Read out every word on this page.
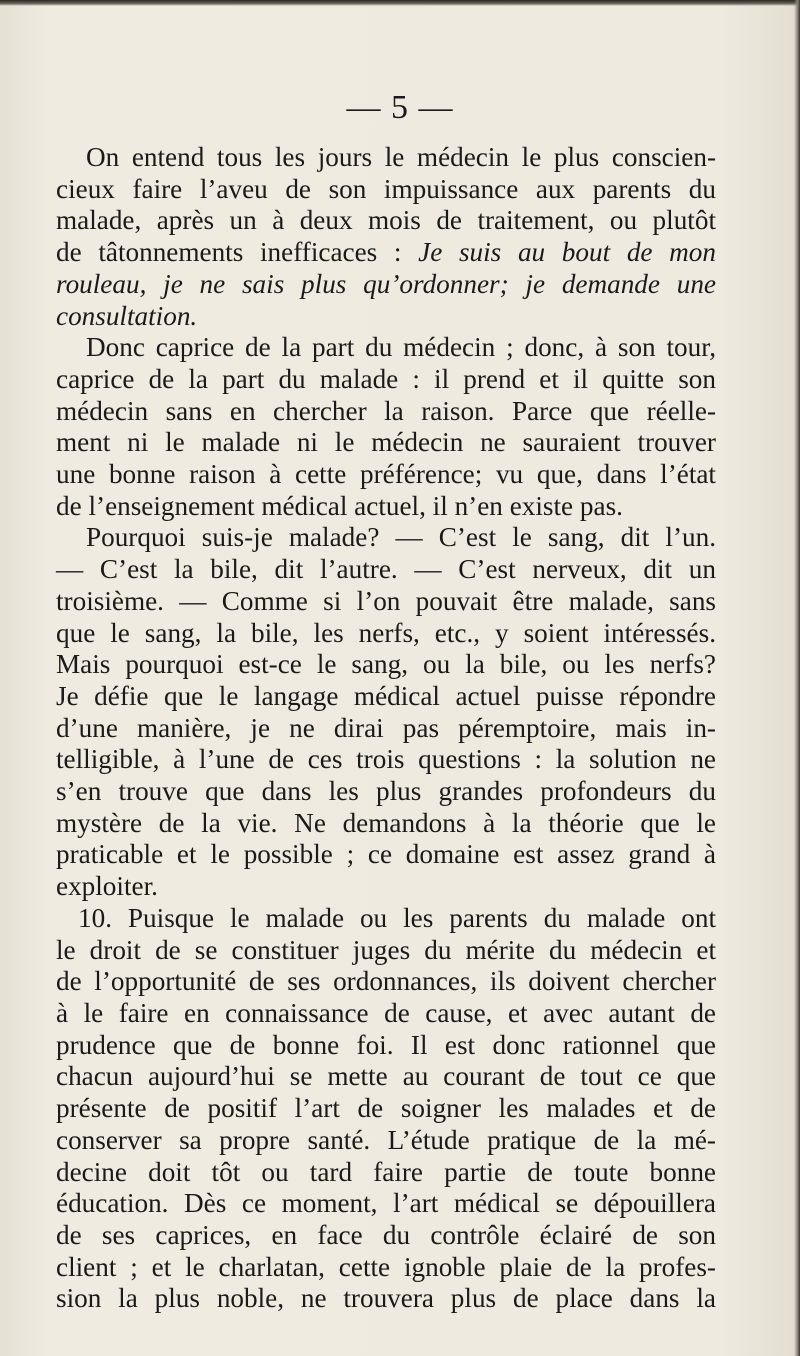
— 5 —
On entend tous les jours le médecin le plus conscien-
cieux faire l’aveu de son impuissance aux parents du
malade, après un à deux mois de traitement, ou plutôt
de tâtonnements inefficaces : Je suis au bout de mon
rouleau, je ne sais plus qu’ordonner; je demande une
consultation.
Donc caprice de la part du médecin ; donc, à son tour,
caprice de la part du malade : il prend et il quitte son
médecin sans en chercher la raison. Parce que réelle-
ment ni le malade ni le médecin ne sauraient trouver
une bonne raison à cette préférence; vu que, dans l’état
de l’enseignement médical actuel, il n’en existe pas.
Pourquoi suis-je malade? — C’est le sang, dit l’un.
— C’est la bile, dit l’autre. — C’est nerveux, dit un
troisième. — Comme si l’on pouvait être malade, sans
que le sang, la bile, les nerfs, etc., y soient intéressés.
Mais pourquoi est-ce le sang, ou la bile, ou les nerfs?
Je défie que le langage médical actuel puisse répondre
d’une manière, je ne dirai pas péremptoire, mais in-
telligible, à l’une de ces trois questions : la solution ne
s’en trouve que dans les plus grandes profondeurs du
mystère de la vie. Ne demandons à la théorie que le
praticable et le possible ; ce domaine est assez grand à
exploiter.
10. Puisque le malade ou les parents du malade ont
le droit de se constituer juges du mérite du médecin et
de l’opportunité de ses ordonnances, ils doivent chercher
à le faire en connaissance de cause, et avec autant de
prudence que de bonne foi. Il est donc rationnel que
chacun aujourd’hui se mette au courant de tout ce que
présente de positif l’art de soigner les malades et de
conserver sa propre santé. L’étude pratique de la mé-
decine doit tôt ou tard faire partie de toute bonne
éducation. Dès ce moment, l’art médical se dépouillera
de ses caprices, en face du contrôle éclairé de son
client ; et le charlatan, cette ignoble plaie de la profes-
sion la plus noble, ne trouvera plus de place dans la
